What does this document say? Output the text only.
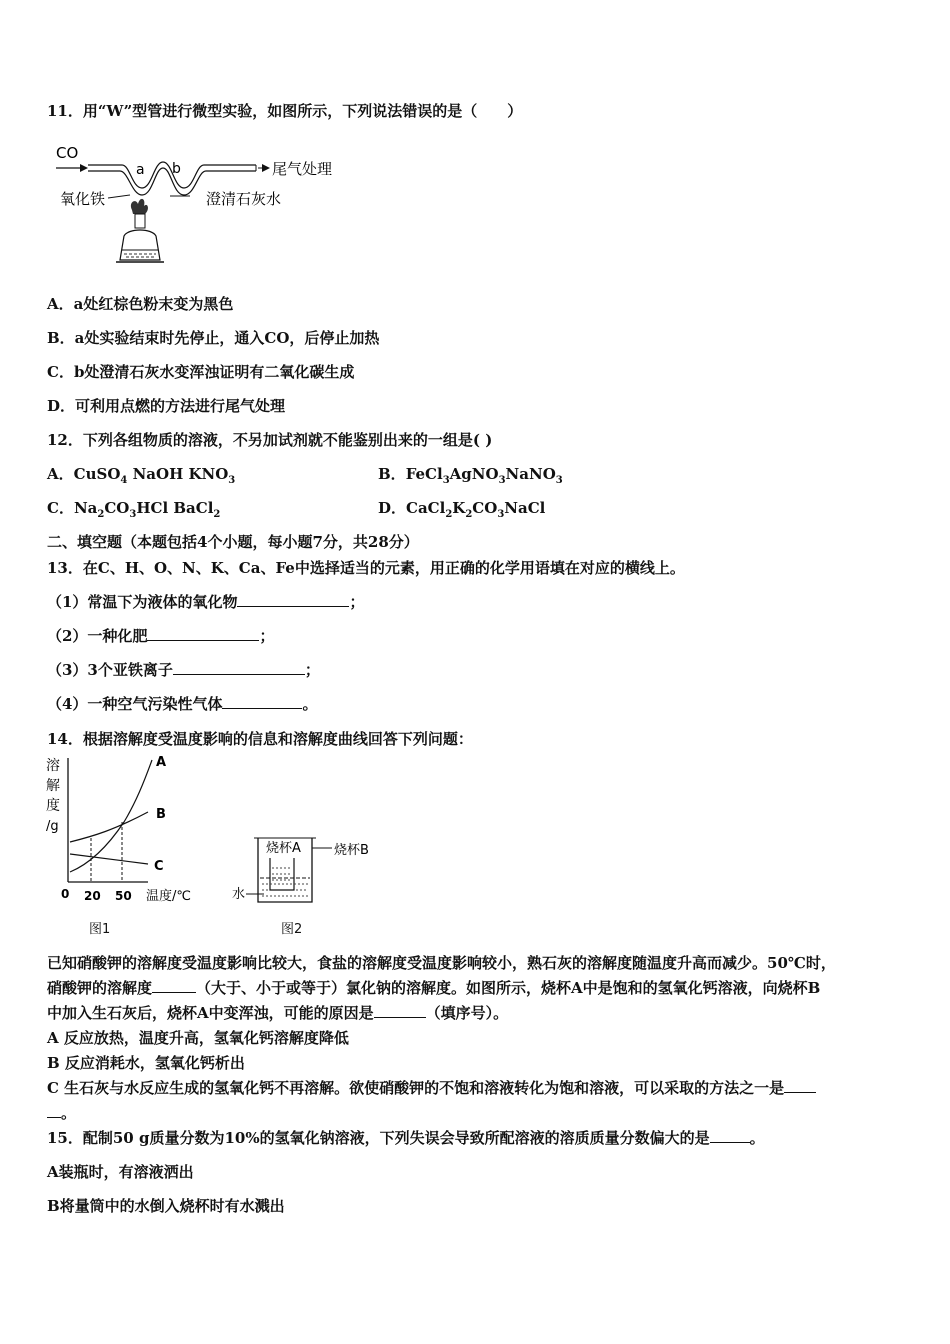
11．用“W”型管进行微型实验，如图所示，下列说法错误的是（　　）
CO
a b	尾气处理
氧化铁	澄清石灰水
A．a处红棕色粉末变为黑色
B．a处实验结束时先停止，通入CO，后停止加热
C．b处澄清石灰水变浑浊证明有二氧化碳生成
D．可利用点燃的方法进行尾气处理
12．下列各组物质的溶液，不另加试剂就不能鉴别出来的一组是( )
A．CuSO$_4$ NaOH $KNO_3$	B．FeCl$_3$AgNO$_3$NaNO$_3$
C．$Na_2CO_3HCl$ BaCl$_2$	D．$CaCl_2K_2CO_3NaCl$
二、填空题（本题包括4个小题，每小题7分，共28分）
13．在C、H、O、N、K、Ca、Fe中选择适当的元素，用正确的化学用语填在对应的横线上。
（1）常温下为液体的氧化物	；
（2）一种化肥	；
（3）3个亚铁离子	；
（4）一种空气污染性气体	。
14．根据溶解度受温度影响的信息和溶解度曲线回答下列问题：
溶
解
度
/g
A
B
C
0 20 50 温度/℃
图1
烧杯A	烧杯B
水
图2
已知硝酸钾的溶解度受温度影响比较大，食盐的溶解度受温度影响较小，熟石灰的溶解度随温度升高而减少。50℃时，
硝酸钾的溶解度	（大于、小于或等于）氯化钠的溶解度。如图所示，烧杯A中是饱和的氢氧化钙溶液，向烧杯B
中加入生石灰后，烧杯A中变浑浊，可能的原因是	（填序号）。
A 反应放热，温度升高，氢氧化钙溶解度降低
B 反应消耗水，氢氧化钙析出
C 生石灰与水反应生成的氢氧化钙不再溶解。欲使硝酸钾的不饱和溶液转化为饱和溶液，可以采取的方法之一是
。
15．配制50 g质量分数为10%的氢氧化钠溶液，下列失误会导致所配溶液的溶质质量分数偏大的是	。
A装瓶时，有溶液洒出
B将量筒中的水倒入烧杯时有水溅出
